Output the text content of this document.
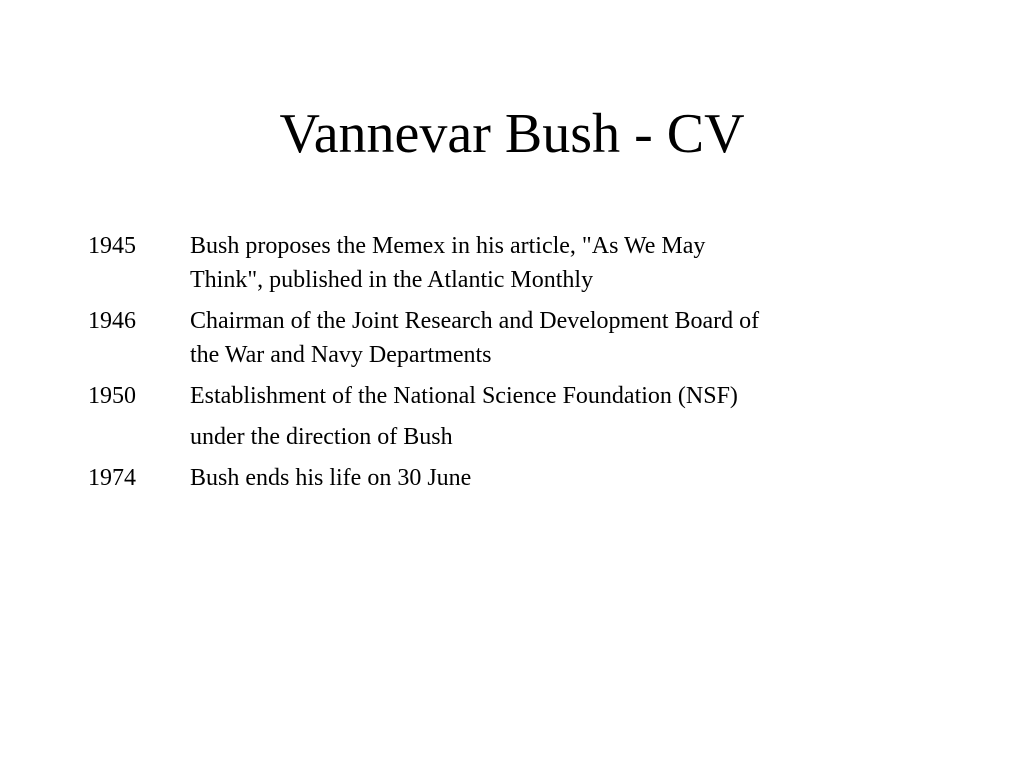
Vannevar Bush - CV
1945	Bush proposes the Memex in his article, "As We May
Think", published in the Atlantic Monthly
1946	Chairman of the Joint Research and Development Board of
the War and Navy Departments
1950	Establishment of the National Science Foundation (NSF)
under the direction of Bush
1974	Bush ends his life on 30 June
